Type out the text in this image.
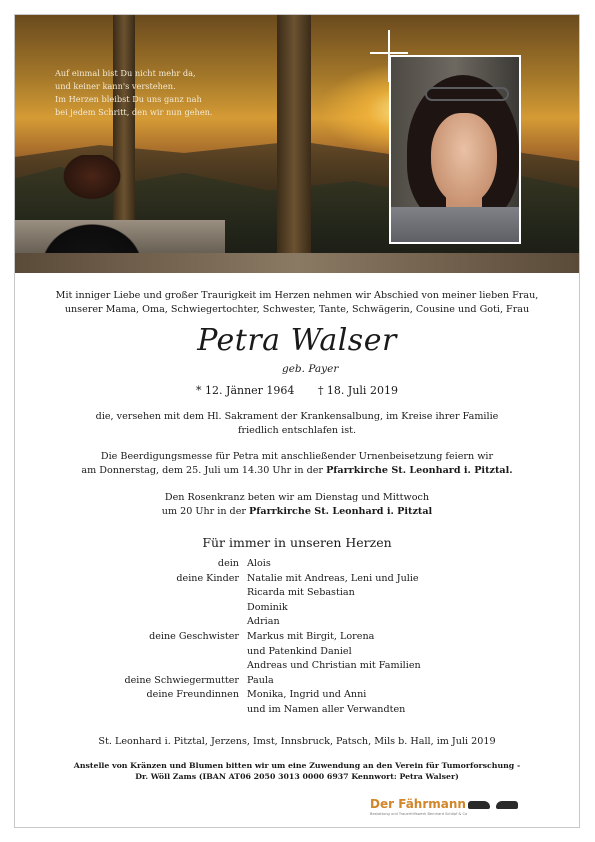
Auf einmal bist Du nicht mehr da,
und keiner kann's verstehen.
Im Herzen bleibst Du uns ganz nah
bei jedem Schritt, den wir nun gehen.
Mit inniger Liebe und großer Traurigkeit im Herzen nehmen wir Abschied von meiner lieben Frau,
unserer Mama, Oma, Schwiegertochter, Schwester, Tante, Schwägerin, Cousine und Goti, Frau
Petra Walser
geb. Payer
* 12. Jänner 1964 † 18. Juli 2019
die, versehen mit dem Hl. Sakrament der Krankensalbung, im Kreise ihrer Familie
friedlich entschlafen ist.
Die Beerdigungsmesse für Petra mit anschließender Urnenbeisetzung feiern wir
am Donnerstag, dem 25. Juli um 14.30 Uhr in der Pfarrkirche St. Leonhard i. Pitztal.
Den Rosenkranz beten wir am Dienstag und Mittwoch
um 20 Uhr in der Pfarrkirche St. Leonhard i. Pitztal
Für immer in unseren Herzen
dein Alois
deine Kinder Natalie mit Andreas, Leni und Julie
Ricarda mit Sebastian
Dominik
Adrian
deine Geschwister Markus mit Birgit, Lorena
und Patenkind Daniel
Andreas und Christian mit Familien
deine Schwiegermutter Paula
deine Freundinnen Monika, Ingrid und Anni
und im Namen aller Verwandten
St. Leonhard i. Pitztal, Jerzens, Imst, Innsbruck, Patsch, Mils b. Hall, im Juli 2019
Anstelle von Kränzen und Blumen bitten wir um eine Zuwendung an den Verein für Tumorforschung -
Dr. Wöll Zams (IBAN AT06 2050 3013 0000 6937 Kennwort: Petra Walser)
Der Fährmann
Bestattung und Trauerhilfswerk Bernhard Schöpf & Co
